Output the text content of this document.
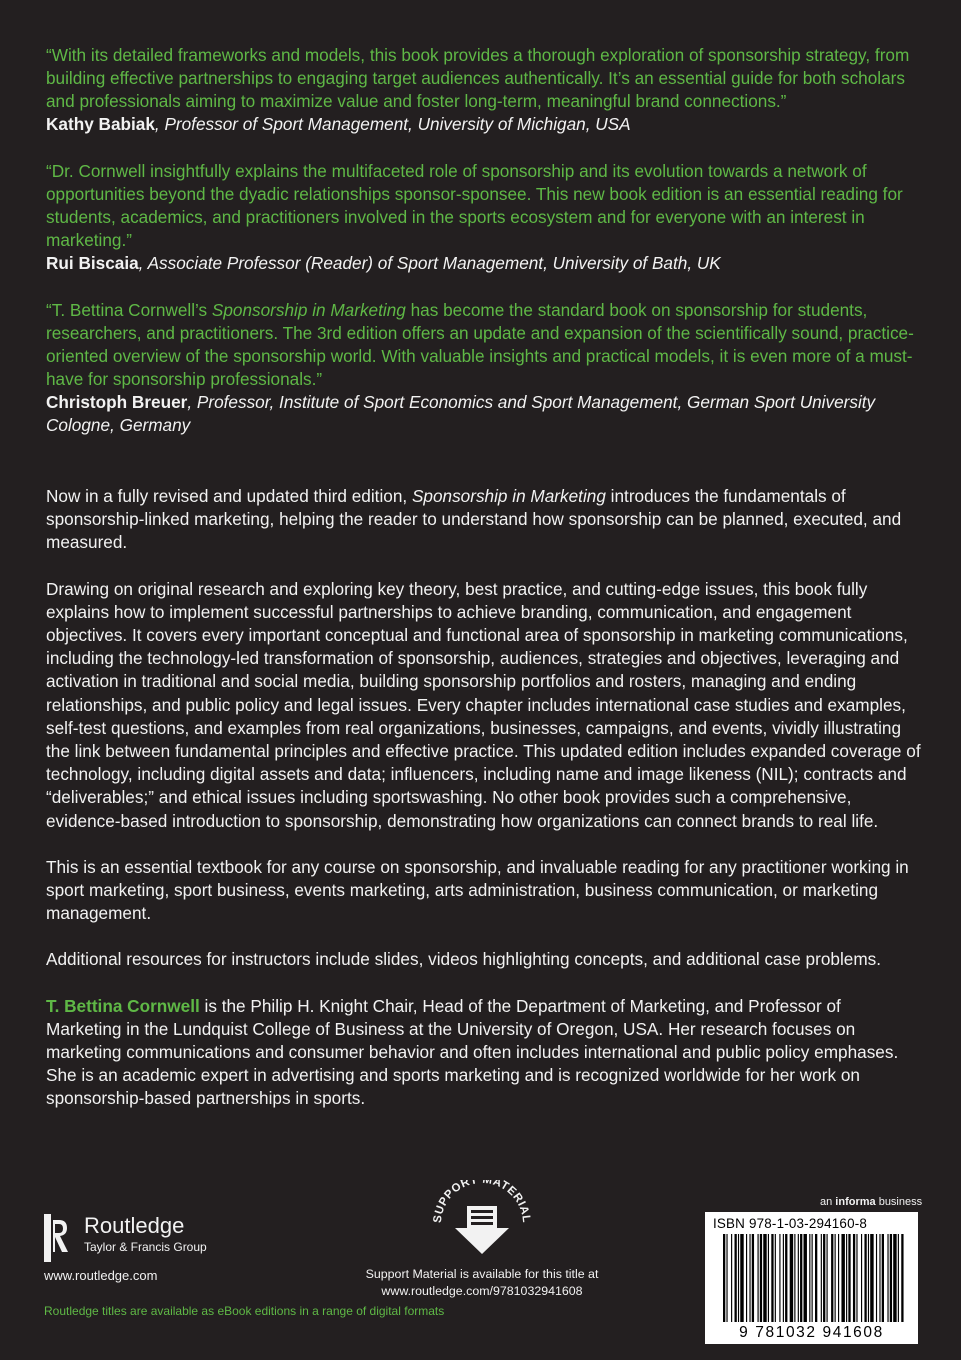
“With its detailed frameworks and models, this book provides a thorough exploration of sponsorship strategy, from building effective partnerships to engaging target audiences authentically. It’s an essential guide for both scholars and professionals aiming to maximize value and foster long-term, meaningful brand connections.”

Kathy Babiak, Professor of Sport Management, University of Michigan, USA

“Dr. Cornwell insightfully explains the multifaceted role of sponsorship and its evolution towards a network of opportunities beyond the dyadic relationships sponsor-sponsee. This new book edition is an essential reading for students, academics, and practitioners involved in the sports ecosystem and for everyone with an interest in marketing.”

Rui Biscaia, Associate Professor (Reader) of Sport Management, University of Bath, UK

“T. Bettina Cornwell’s Sponsorship in Marketing has become the standard book on sponsorship for students, researchers, and practitioners. The 3rd edition offers an update and expansion of the scientifically sound, practice-oriented overview of the sponsorship world. With valuable insights and practical models, it is even more of a must-have for sponsorship professionals.”

Christoph Breuer, Professor, Institute of Sport Economics and Sport Management, German Sport University Cologne, Germany

Now in a fully revised and updated third edition, Sponsorship in Marketing introduces the fundamentals of sponsorship-linked marketing, helping the reader to understand how sponsorship can be planned, executed, and measured.

Drawing on original research and exploring key theory, best practice, and cutting-edge issues, this book fully explains how to implement successful partnerships to achieve branding, communication, and engagement objectives. It covers every important conceptual and functional area of sponsorship in marketing communications, including the technology-led transformation of sponsorship, audiences, strategies and objectives, leveraging and activation in traditional and social media, building sponsorship portfolios and rosters, managing and ending relationships, and public policy and legal issues. Every chapter includes international case studies and examples, self-test questions, and examples from real organizations, businesses, campaigns, and events, vividly illustrating the link between fundamental principles and effective practice. This updated edition includes expanded coverage of technology, including digital assets and data; influencers, including name and image likeness (NIL); contracts and “deliverables;” and ethical issues including sportswashing. No other book provides such a comprehensive, evidence-based introduction to sponsorship, demonstrating how organizations can connect brands to real life.

This is an essential textbook for any course on sponsorship, and invaluable reading for any practitioner working in sport marketing, sport business, events marketing, arts administration, business communication, or marketing management.

Additional resources for instructors include slides, videos highlighting concepts, and additional case problems.

T. Bettina Cornwell is the Philip H. Knight Chair, Head of the Department of Marketing, and Professor of Marketing in the Lundquist College of Business at the University of Oregon, USA. Her research focuses on marketing communications and consumer behavior and often includes international and public policy emphases. She is an academic expert in advertising and sports marketing and is recognized worldwide for her work on sponsorship-based partnerships in sports.

Routledge
Taylor & Francis Group
www.routledge.com
Routledge titles are available as eBook editions in a range of digital formats
SUPPORT MATERIAL
Support Material is available for this title at
www.routledge.com/9781032941608
an informa business
ISBN 978-1-03-294160-8
9 781032 941608
